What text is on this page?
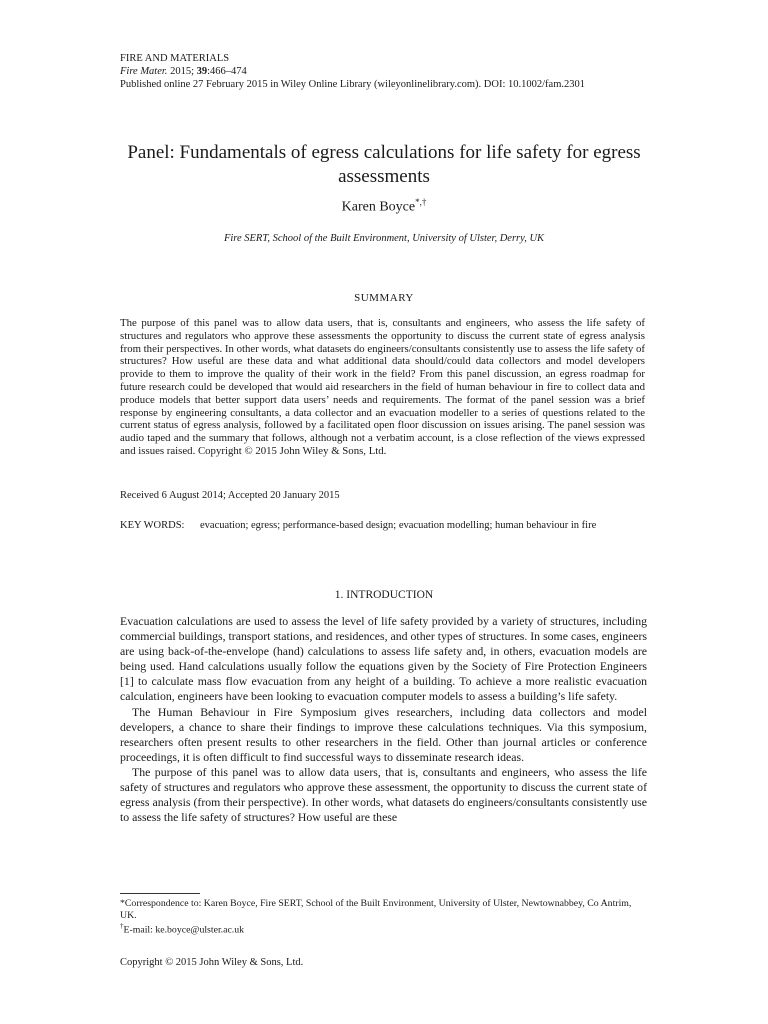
FIRE AND MATERIALS
Fire Mater. 2015; 39:466–474
Published online 27 February 2015 in Wiley Online Library (wileyonlinelibrary.com). DOI: 10.1002/fam.2301
Panel: Fundamentals of egress calculations for life safety for egress assessments
Karen Boyce*,†
Fire SERT, School of the Built Environment, University of Ulster, Derry, UK
SUMMARY

The purpose of this panel was to allow data users, that is, consultants and engineers, who assess the life safety of structures and regulators who approve these assessments the opportunity to discuss the current state of egress analysis from their perspectives. In other words, what datasets do engineers/consultants consistently use to assess the life safety of structures? How useful are these data and what additional data should/could data collectors and model developers provide to them to improve the quality of their work in the field? From this panel discussion, an egress roadmap for future research could be developed that would aid researchers in the field of human behaviour in fire to collect data and produce models that better support data users’ needs and requirements. The format of the panel session was a brief response by engineering consultants, a data collector and an evacuation modeller to a series of questions related to the current status of egress analysis, followed by a facilitated open floor discussion on issues arising. The panel session was audio taped and the summary that follows, although not a verbatim account, is a close reflection of the views expressed and issues raised. Copyright © 2015 John Wiley & Sons, Ltd.

Received 6 August 2014; Accepted 20 January 2015
KEY WORDS: evacuation; egress; performance-based design; evacuation modelling; human behaviour in fire
1. INTRODUCTION

Evacuation calculations are used to assess the level of life safety provided by a variety of structures, including commercial buildings, transport stations, and residences, and other types of structures. In some cases, engineers are using back-of-the-envelope (hand) calculations to assess life safety and, in others, evacuation models are being used. Hand calculations usually follow the equations given by the Society of Fire Protection Engineers [1] to calculate mass flow evacuation from any height of a building. To achieve a more realistic evacuation calculation, engineers have been looking to evacuation computer models to assess a building’s life safety.

The Human Behaviour in Fire Symposium gives researchers, including data collectors and model developers, a chance to share their findings to improve these calculations techniques. Via this symposium, researchers often present results to other researchers in the field. Other than journal articles or conference proceedings, it is often difficult to find successful ways to disseminate research ideas.

The purpose of this panel was to allow data users, that is, consultants and engineers, who assess the life safety of structures and regulators who approve these assessment, the opportunity to discuss the current state of egress analysis (from their perspective). In other words, what datasets do engineers/consultants consistently use to assess the life safety of structures? How useful are these

*Correspondence to: Karen Boyce, Fire SERT, School of the Built Environment, University of Ulster, Newtownabbey, Co Antrim, UK.

†E-mail: ke.boyce@ulster.ac.uk

Copyright © 2015 John Wiley & Sons, Ltd.
